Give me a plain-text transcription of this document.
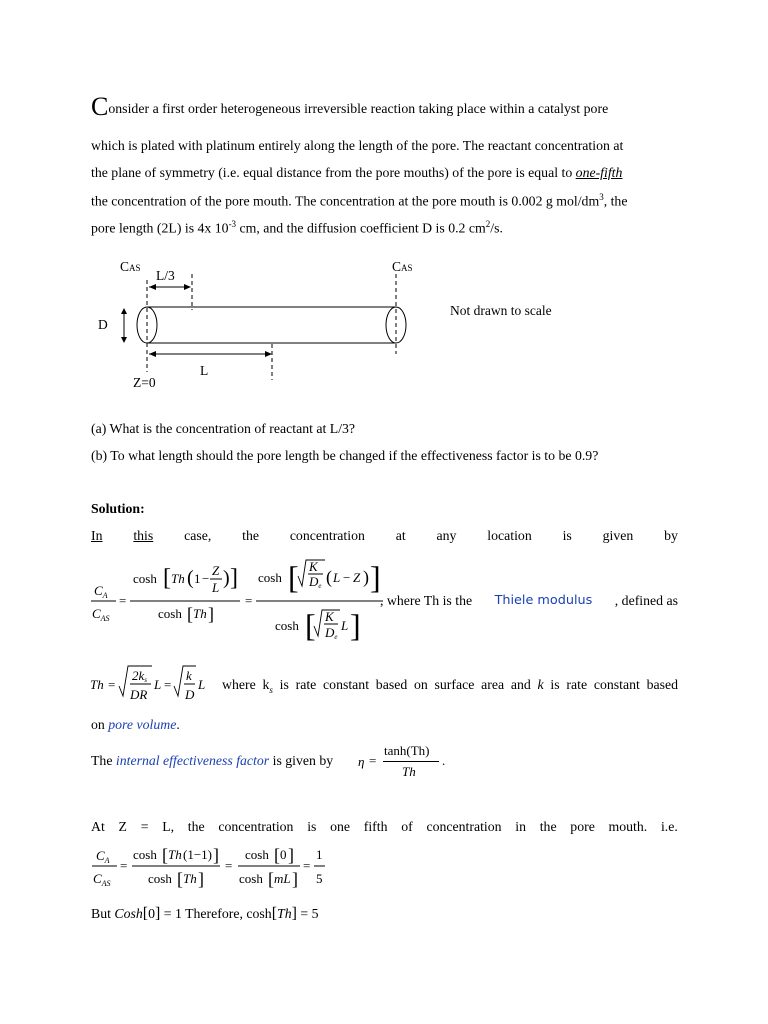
Consider a first order heterogeneous irreversible reaction taking place within a catalyst pore
which is plated with platinum entirely along the length of the pore. The reactant concentration at
the plane of symmetry (i.e. equal distance from the pore mouths) of the pore is equal to one-fifth
the concentration of the pore mouth. The concentration at the pore mouth is 0.002 g mol/$dm^3$, the
pore length (2L) is 4x $10^{-3}$ cm, and the diffusion coefficient D is 0.2 $cm^2/s$.
CAS L/3
CAS
D
L
Z=0
Not drawn to scale
(a) What is the concentration of reactant at L/3?
(b) To what length should the pore length be changed if the effectiveness factor is to be 0.9?
Solution:
In this case, the concentration at any location is given by
$C_A$
$C_{AS}$
=
cosh [ Th ( 1 −
Z
L ) ]
cosh [ Th ]
=
cosh [ K
De ( L − Z ) ]
cosh [ K
De
L ]
, where Th is the Thiele modulus , defined as
Th =
2ks
DR
L =
k
D
L where $k_s$ is rate constant based on surface area and k is rate constant based
on pore volume.
The internal effectiveness factor is given by	η =
tanh(Th)
Th
.
At Z = L, the concentration is one fifth of concentration in the pore mouth. i.e.
$C_A$
$C_{AS}$
=
cosh [ Th (1−1) ]
cosh [ Th ]
=
cosh [ 0 ]
cosh [ mL ]
=
1
5
But Cosh[0] = 1 Therefore, cosh[Th] = 5
